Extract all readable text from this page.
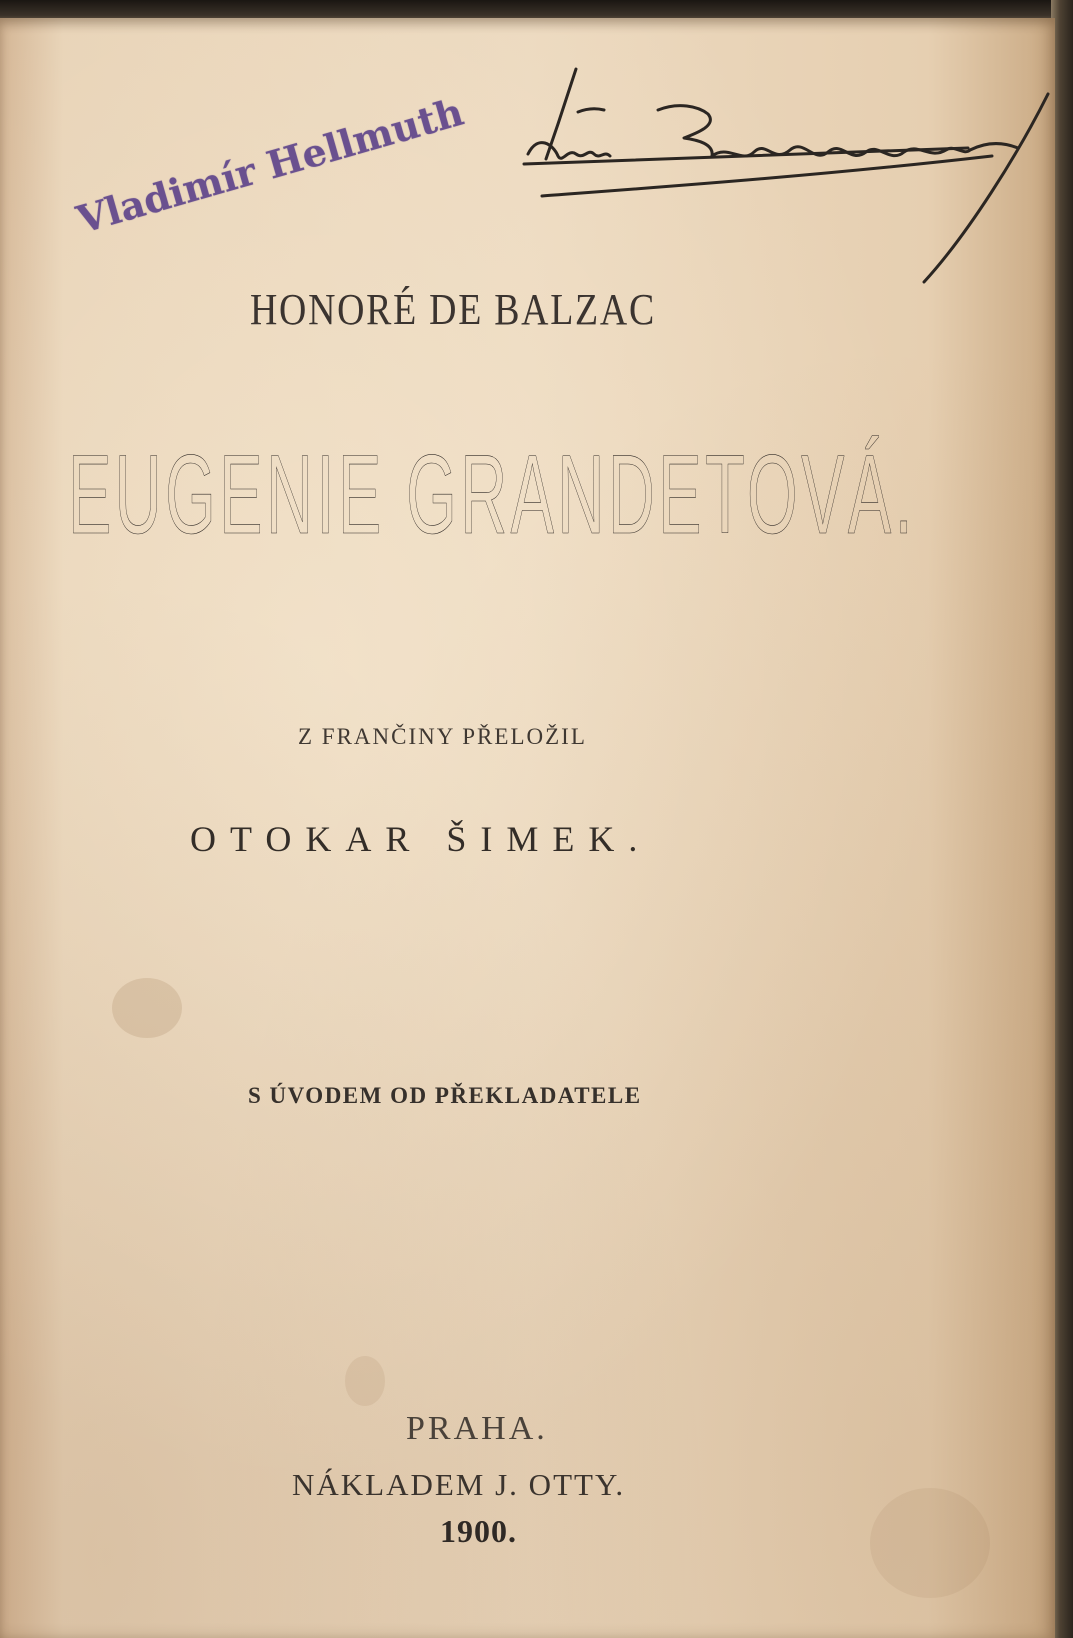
Vladimír Hellmuth

HONORÉ DE BALZAC

EUGENIE GRANDETOVÁ.

Z FRANČINY PŘELOŽIL

OTOKAR ŠIMEK.

S ÚVODEM OD PŘEKLADATELE

PRAHA.

NÁKLADEM J. OTTY.

1900.
